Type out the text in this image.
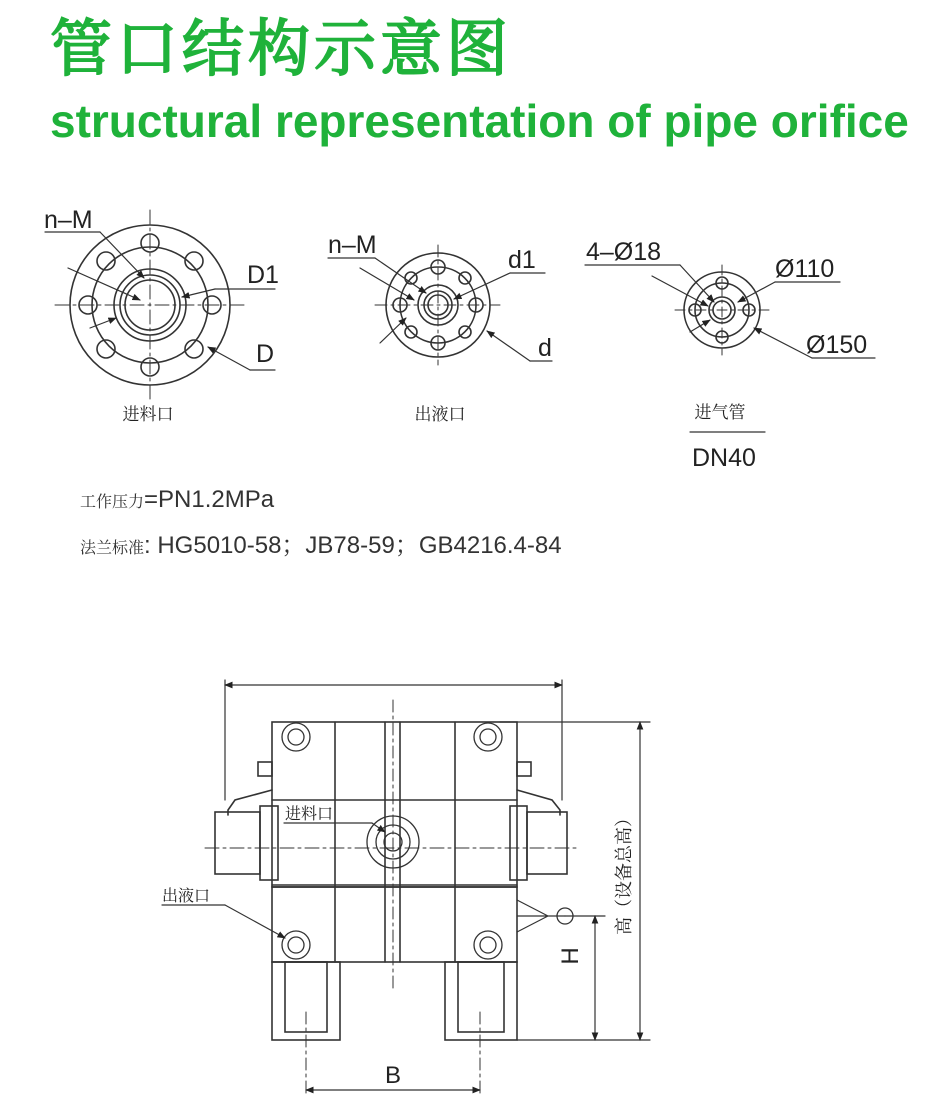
管口结构示意图
structural representation of pipe orifice
n–M
D1
D
进料口
n–M
d1
d
出液口
4–Ø18
Ø110
Ø150
进气管
DN40
进料口
出液口
B
H
高（设备总高）

工作压力=PN1.2MPa

法兰标准: HG5010-58；JB78-59；GB4216.4-84
